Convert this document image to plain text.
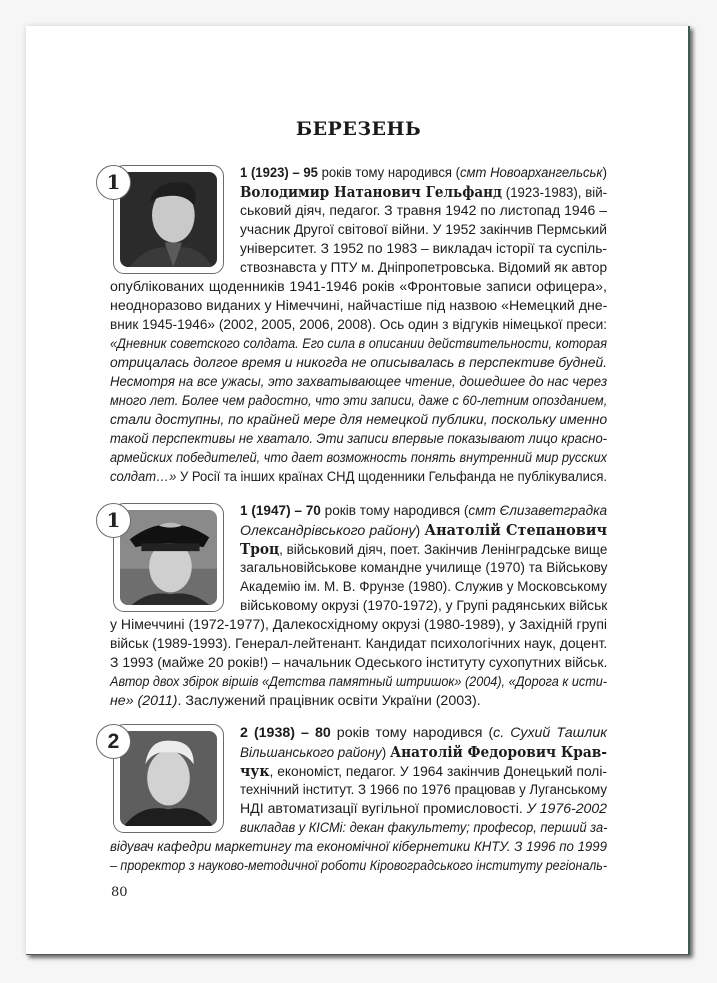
БЕРЕЗЕНЬ
1
1
2
1 (1923) – 95 років тому народився (смт Новоархангельськ)
Володимир Натанович Гельфанд (1923-1983), вій-
ськовий діяч, педагог. З травня 1942 по листопад 1946 –
учасник Другої світової війни. У 1952 закінчив Пермський
університет. З 1952 по 1983 – викладач історії та суспіль-
ствознавста у ПТУ м. Дніпропетровська. Відомий як автор
опублікованих щоденників 1941-1946 років «Фронтовые записи офицера»,
неодноразово виданих у Німеччині, найчастіше під назвою «Немецкий дне-
вник 1945-1946» (2002, 2005, 2006, 2008). Ось один з відгуків німецької преси:
«Дневник советского солдата. Его сила в описании действительности, которая
отрицалась долгое время и никогда не описывалась в перспективе будней.
Несмотря на все ужасы, это захватывающее чтение, дошедшее до нас через
много лет. Более чем радостно, что эти записи, даже с 60-летним опозданием,
стали доступны, по крайней мере для немецкой публики, поскольку именно
такой перспективы не хватало. Эти записи впервые показывают лицо красно-
армейских победителей, что дает возможность понять внутренний мир русских
солдат…» У Росії та інших країнах СНД щоденники Гельфанда не публікувалися.
1 (1947) – 70 років тому народився (смт Єлизаветградка
Олександрівського району) Анатолій Степанович
Троц, військовий діяч, поет. Закінчив Ленінградське вище
загальновійськове командне училище (1970) та Військову
Академію ім. М. В. Фрунзе (1980). Служив у Московському
військовому окрузі (1970-1972), у Групі радянських військ
у Німеччині (1972-1977), Далекосхідному окрузі (1980-1989), у Західній групі
військ (1989-1993). Генерал-лейтенант. Кандидат психологічних наук, доцент.
З 1993 (майже 20 років!) – начальник Одеського інституту сухопутних військ.
Автор двох збірок віршів «Детства памятный штришок» (2004), «Дорога к исти-
не» (2011). Заслужений працівник освіти України (2003).
2 (1938) – 80 років тому народився (с. Сухий Ташлик
Вільшанського району) Анатолій Федорович Крав-
чук, економіст, педагог. У 1964 закінчив Донецький полі-
технічний інститут. З 1966 по 1976 працював у Луганському
НДІ автоматизації вугільної промисловості. У 1976-2002
викладав у КІСМі: декан факультету; професор, перший за-
відувач кафедри маркетингу та економічної кібернетики КНТУ. З 1996 по 1999
– проректор з науково-методичної роботи Кіровоградського інституту регіональ-
80
